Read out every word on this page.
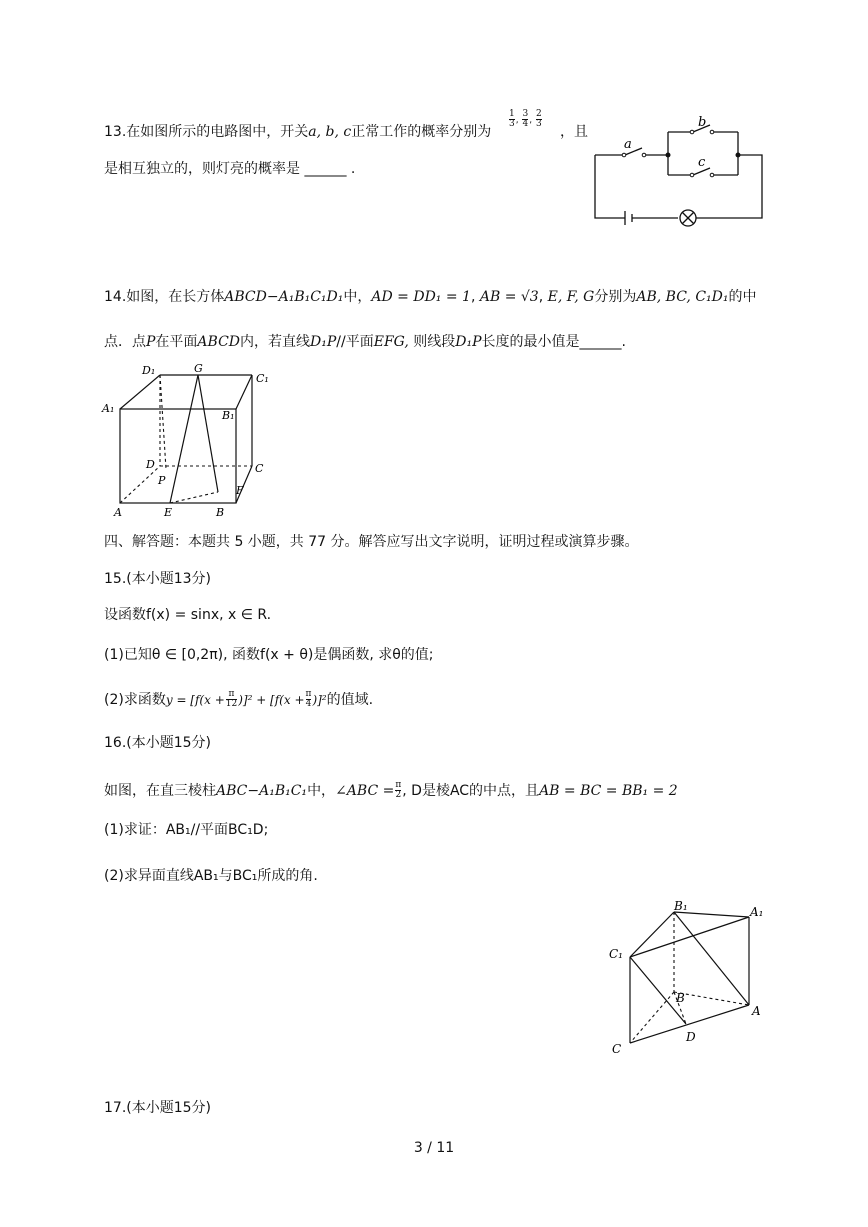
13.在如图所示的电路图中，开关a, b, c正常工作的概率分别为
$\frac{1}{3}$ , $\frac{3}{4}$ , $\frac{2}{3}$
，且
是相互独立的，则灯亮的概率是 ______ .
a
b
c
14.如图，在长方体ABCD−A₁B₁C₁D₁中，AD = DD₁ = 1, AB = √3, E, F, G分别为AB, BC, C₁D₁的中
点．点P在平面ABCD内，若直线D₁P//平面EFG, 则线段D₁P长度的最小值是______.
D₁	G
C₁
A₁
B₁
D	C
P
F
A	E	B
四、解答题：本题共 5 小题，共 77 分。解答应写出文字说明，证明过程或演算步骤。
15.(本小题13分)
设函数f(x) = sinx, x ∈ R.
(1)已知θ ∈ [0,2π), 函数f(x + θ)是偶函数, 求θ的值;
(2)求函数$y = [f(x + \frac{\pi}{12} )]^2 + [f(x + \frac{\pi}{4} )]^2$的值域.
16.(本小题15分)
如图，在直三棱柱ABC−A₁B₁C₁中，∠ABC = $\frac{\pi}{2}$ , D是棱AC的中点，且AB = BC = BB₁ = 2
(1)求证：AB₁//平面BC₁D;
(2)求异面直线AB₁与BC₁所成的角.
B₁	A₁
C₁
B
A
C
D
17.(本小题15分)
3 / 11
